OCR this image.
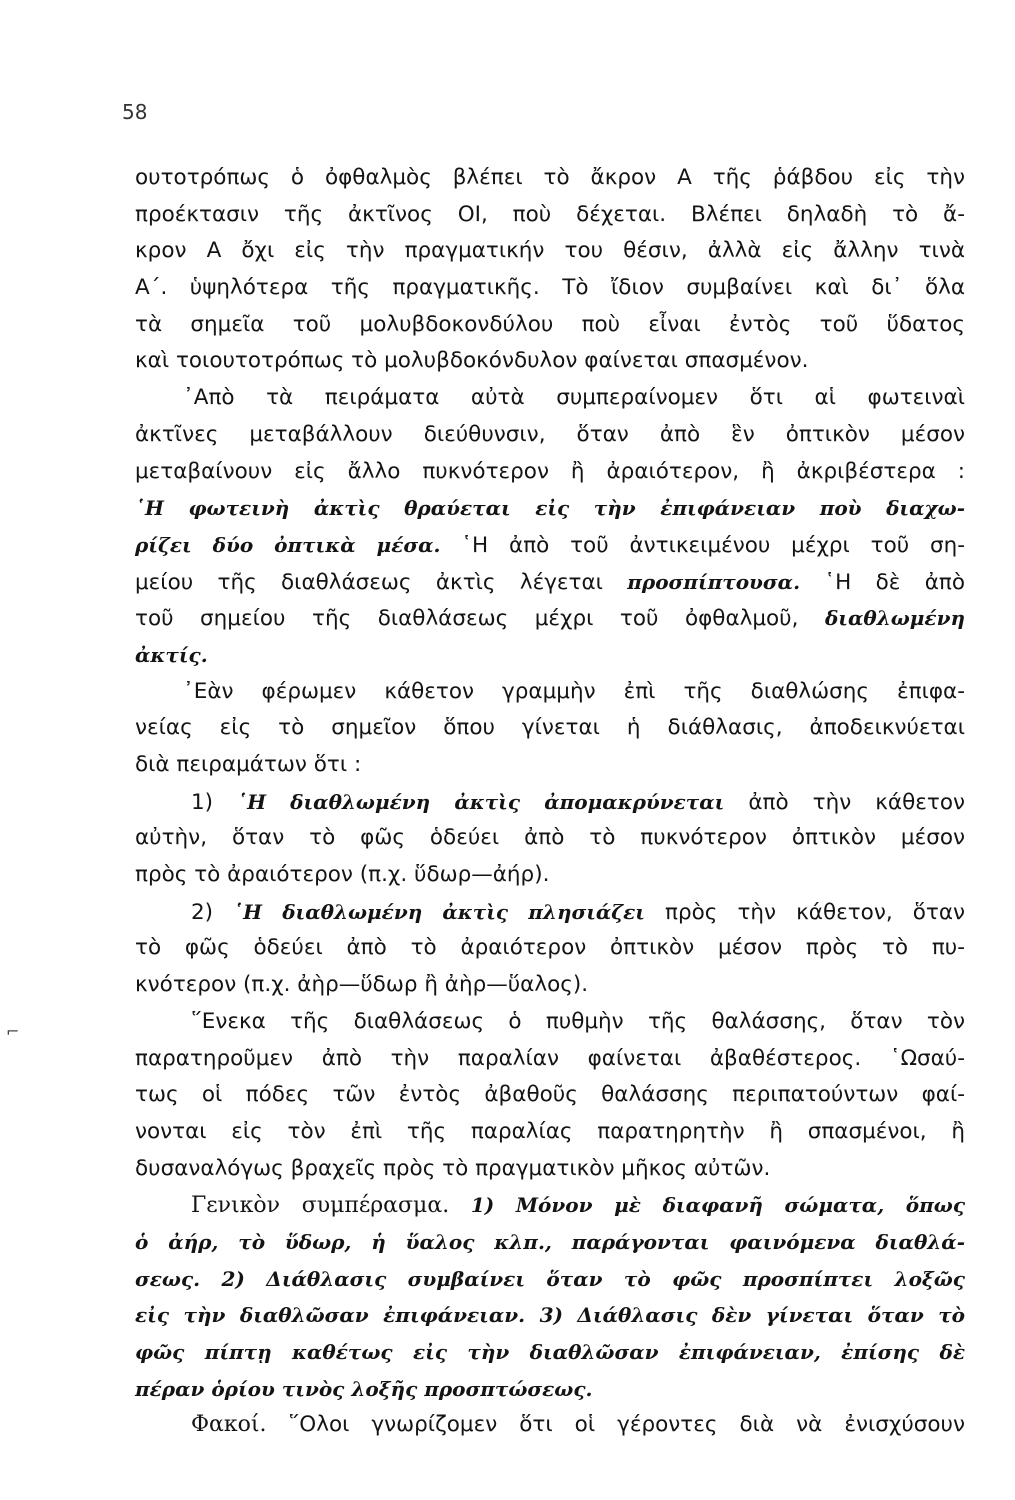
58
⌐
ουτοτρόπως ὁ ὀφθαλμὸς βλέπει τὸ ἄκρον Α τῆς ῥάβδου εἰς τὴν
προέκτασιν τῆς ἀκτῖνος ΟΙ, ποὺ δέχεται. Βλέπει δηλαδὴ τὸ ἄ-
κρον Α ὄχι εἰς τὴν πραγματικήν του θέσιν, ἀλλὰ εἰς ἄλλην τινὰ
Α΄. ὑψηλότερα τῆς πραγματικῆς. Τὸ ἴδιον συμβαίνει καὶ δι᾽ ὅλα
τὰ σημεῖα τοῦ μολυβδοκονδύλου ποὺ εἶναι ἐντὸς τοῦ ὕδατος
καὶ τοιουτοτρόπως τὸ μολυβδοκόνδυλον φαίνεται σπασμένον.
᾿Απὸ τὰ πειράματα αὐτὰ συμπεραίνομεν ὅτι αἱ φωτειναὶ
ἀκτῖνες μεταβάλλουν διεύθυνσιν, ὅταν ἀπὸ ἓν ὀπτικὸν μέσον
μεταβαίνουν εἰς ἄλλο πυκνότερον ἢ ἀραιότερον, ἢ ἀκριβέστερα :
῾Η φωτεινὴ ἀκτὶς θραύεται εἰς τὴν ἐπιφάνειαν ποὺ διαχω-
ρίζει δύο ὀπτικὰ μέσα. ῾Η ἀπὸ τοῦ ἀντικειμένου μέχρι τοῦ ση-
μείου τῆς διαθλάσεως ἀκτὶς λέγεται προσπίπτουσα. ῾Η δὲ ἀπὸ
τοῦ σημείου τῆς διαθλάσεως μέχρι τοῦ ὀφθαλμοῦ, διαθλωμένη
ἀκτίς.
᾿Εὰν φέρωμεν κάθετον γραμμὴν ἐπὶ τῆς διαθλώσης ἐπιφα-
νείας εἰς τὸ σημεῖον ὅπου γίνεται ἡ διάθλασις, ἀποδεικνύεται
διὰ πειραμάτων ὅτι :
1) ῾Η διαθλωμένη ἀκτὶς ἀπομακρύνεται ἀπὸ τὴν κάθετον
αὐτὴν, ὅταν τὸ φῶς ὁδεύει ἀπὸ τὸ πυκνότερον ὀπτικὸν μέσον
πρὸς τὸ ἀραιότερον (π.χ. ὕδωρ—ἀήρ).
2) ῾Η διαθλωμένη ἀκτὶς πλησιάζει πρὸς τὴν κάθετον, ὅταν
τὸ φῶς ὁδεύει ἀπὸ τὸ ἀραιότερον ὀπτικὸν μέσον πρὸς τὸ πυ-
κνότερον (π.χ. ἀὴρ—ὕδωρ ἢ ἀὴρ—ὕαλος).
῞Ενεκα τῆς διαθλάσεως ὁ πυθμὴν τῆς θαλάσσης, ὅταν τὸν
παρατηροῦμεν ἀπὸ τὴν παραλίαν φαίνεται ἀβαθέστερος. ῾Ωσαύ-
τως οἱ πόδες τῶν ἐντὸς ἀβαθοῦς θαλάσσης περιπατούντων φαί-
νονται εἰς τὸν ἐπὶ τῆς παραλίας παρατηρητὴν ἢ σπασμένοι, ἢ
δυσαναλόγως βραχεῖς πρὸς τὸ πραγματικὸν μῆκος αὐτῶν.
Γενικὸν συμπέρασμα. 1) Μόνον μὲ διαφανῆ σώματα, ὅπως
ὁ ἀήρ, τὸ ὕδωρ, ἡ ὕαλος κλπ., παράγονται φαινόμενα διαθλά-
σεως. 2) Διάθλασις συμβαίνει ὅταν τὸ φῶς προσπίπτει λοξῶς
εἰς τὴν διαθλῶσαν ἐπιφάνειαν. 3) Διάθλασις δὲν γίνεται ὅταν τὸ
φῶς πίπτῃ καθέτως εἰς τὴν διαθλῶσαν ἐπιφάνειαν, ἐπίσης δὲ
πέραν ὁρίου τινὸς λοξῆς προσπτώσεως.
Φακοί. ῞Ολοι γνωρίζομεν ὅτι οἱ γέροντες διὰ νὰ ἐνισχύσουν
